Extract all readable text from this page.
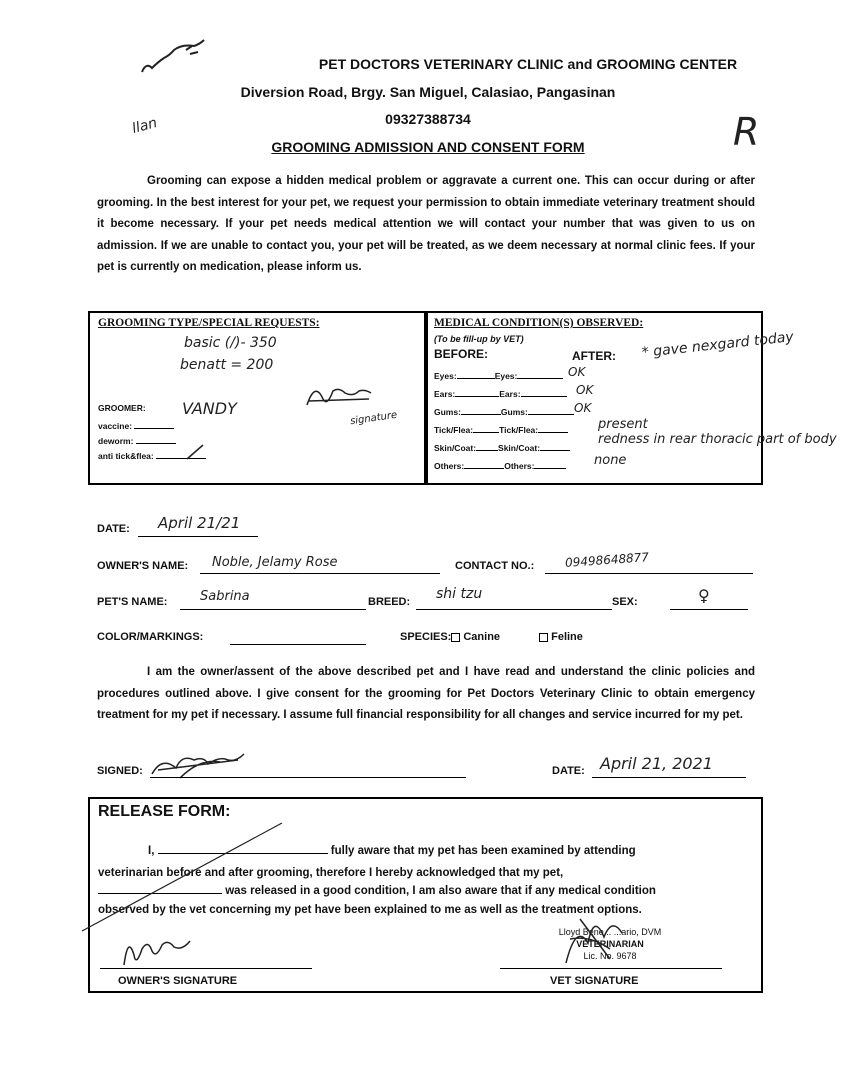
PET DOCTORS VETERINARY CLINIC and GROOMING CENTER
Diversion Road, Brgy. San Miguel, Calasiao, Pangasinan
09327388734
GROOMING ADMISSION AND CONSENT FORM
llan	R
Grooming can expose a hidden medical problem or aggravate a current one. This can occur during or after grooming. In the best interest for your pet, we request your permission to obtain immediate veterinary treatment should it become necessary. If your pet needs medical attention we will contact your number that was given to us on admission. If we are unable to contact you, your pet will be treated, as we deem necessary at normal clinic fees. If your pet is currently on medication, please inform us.
GROOMING TYPE/SPECIAL REQUESTS:
basic (/)- 350
benatt = 200
GROOMER: VANDY
signature
vaccine:
deworm:
anti tick&flea:
MEDICAL CONDITION(S) OBSERVED:
(To be fill-up by VET)
BEFORE:	AFTER: * gave nexgard today
Eyes:	Eyes:	OK
Ears:	Ears:	OK
Gums:	Gums:	OK
Tick/Flea:	Tick/Flea:	present
Skin/Coat:	Skin/Coat:
redness in rear thoracic part of body
Others:	Others:	none
DATE: April 21/21
OWNER'S NAME: Noble, Jelamy Rose	CONTACT NO.:	09498648877
PET'S NAME:	Sabrina	BREED: shi tzu	SEX:	♀
COLOR/MARKINGS:	SPECIES: Canine	Feline
I am the owner/assent of the above described pet and I have read and understand the clinic policies and procedures outlined above. I give consent for the grooming for Pet Doctors Veterinary Clinic to obtain emergency treatment for my pet if necessary. I assume full financial responsibility for all changes and service incurred for my pet.
SIGNED:	DATE: April 21, 2021
RELEASE FORM:
I,	fully aware that my pet has been examined by attending
veterinarian before and after grooming, therefore I hereby acknowledged that my pet,
was released in a good condition, I am also aware that if any medical condition
observed by the vet concerning my pet have been explained to me as well as the treatment options.
OWNER'S SIGNATURE
Lloyd Bene... ...ario, DVM
VETERINARIAN
Lic. No. 9678
VET SIGNATURE
